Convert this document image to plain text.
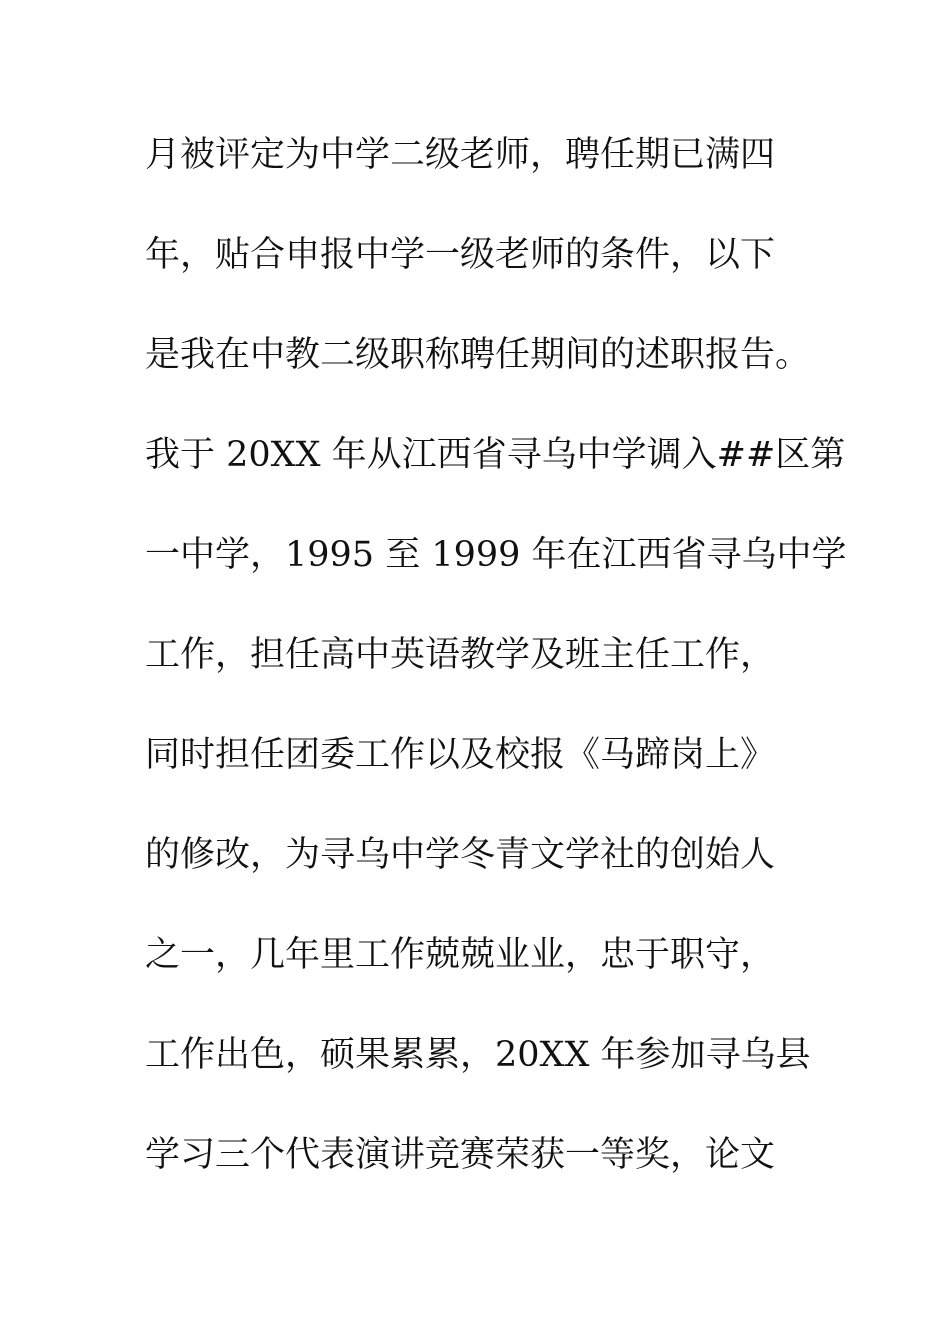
月被评定为中学二级老师，聘任期已满四
年，贴合申报中学一级老师的条件，以下
是我在中教二级职称聘任期间的述职报告。
我于 20XX 年从江西省寻乌中学调入##区第
一中学，1995 至 1999 年在江西省寻乌中学
工作，担任高中英语教学及班主任工作，
同时担任团委工作以及校报《马蹄岗上》
的修改，为寻乌中学冬青文学社的创始人
之一，几年里工作兢兢业业，忠于职守，
工作出色，硕果累累，20XX 年参加寻乌县
学习三个代表演讲竞赛荣获一等奖，论文
